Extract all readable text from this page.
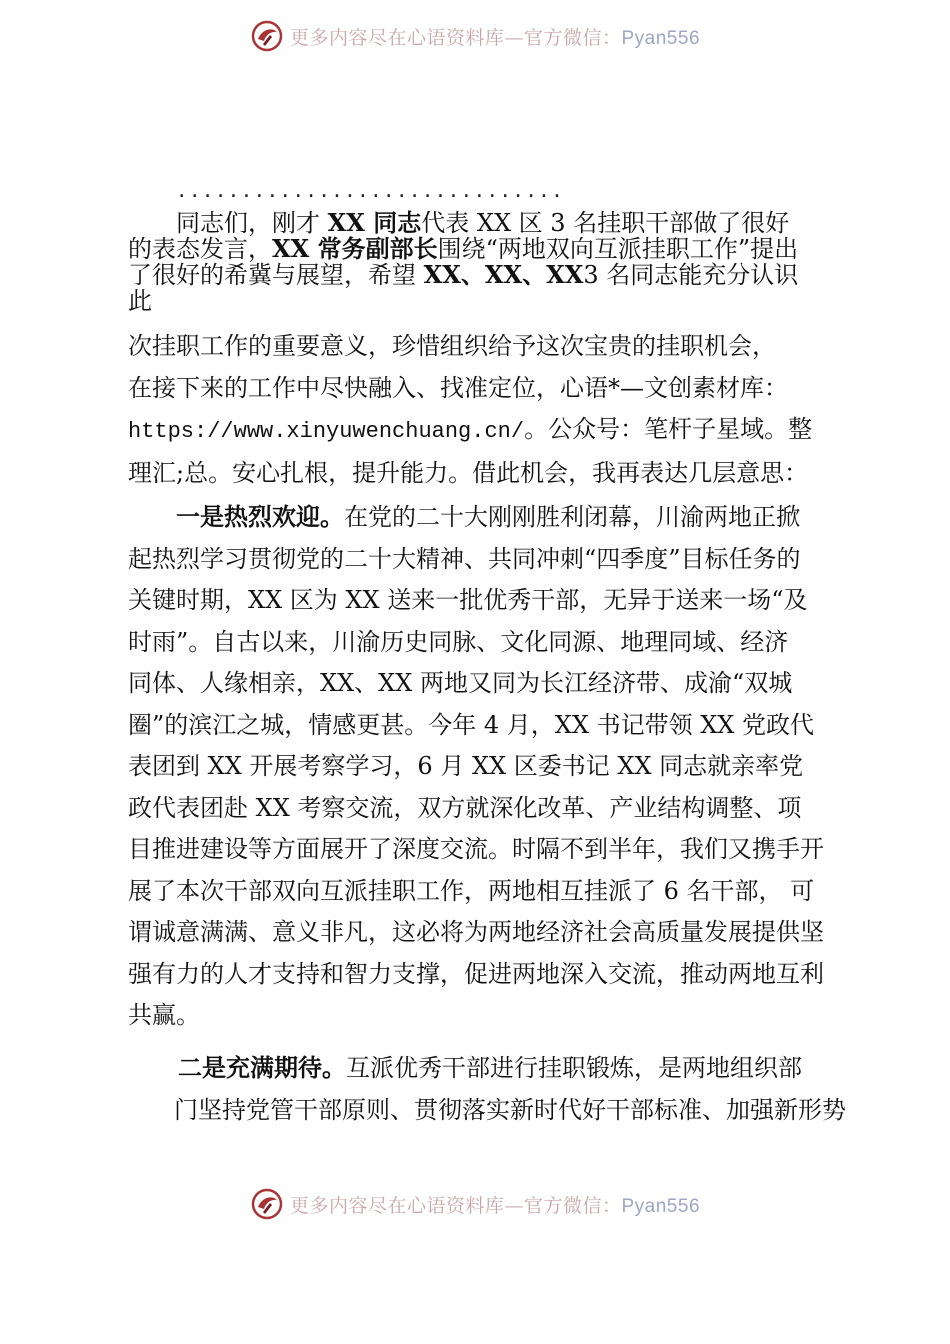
更多内容尽在心语资料库—官方微信：Pyan556
..............................
同志们，刚才 XX 同志代表 XX 区 3 名挂职干部做了很好
的表态发言，XX 常务副部长围绕“两地双向互派挂职工作”提出
了很好的希冀与展望，希望 XX、XX、XX3 名同志能充分认识
此
次挂职工作的重要意义，珍惜组织给予这次宝贵的挂职机会，
在接下来的工作中尽快融入、找准定位，心语*—文创素材库：
https://www.xinyuwenchuang.cn/。公众号：笔杆子星域。整
理汇;总。安心扎根，提升能力。借此机会，我再表达几层意思：
一是热烈欢迎。在党的二十大刚刚胜利闭幕，川渝两地正掀
起热烈学习贯彻党的二十大精神、共同冲刺“四季度”目标任务的
关键时期，XX 区为 XX 送来一批优秀干部，无异于送来一场“及
时雨”。自古以来，川渝历史同脉、文化同源、地理同域、经济
同体、人缘相亲，XX、XX 两地又同为长江经济带、成渝“双城
圈”的滨江之城，情感更甚。今年 4 月，XX 书记带领 XX 党政代
表团到 XX 开展考察学习，6 月 XX 区委书记 XX 同志就亲率党
政代表团赴 XX 考察交流，双方就深化改革、产业结构调整、项
目推进建设等方面展开了深度交流。时隔不到半年，我们又携手开
展了本次干部双向互派挂职工作，两地相互挂派了 6 名干部， 可
谓诚意满满、意义非凡，这必将为两地经济社会高质量发展提供坚
强有力的人才支持和智力支撑，促进两地深入交流，推动两地互利
共赢。
二是充满期待。互派优秀干部进行挂职锻炼，是两地组织部
门坚持党管干部原则、贯彻落实新时代好干部标准、加强新形势
更多内容尽在心语资料库—官方微信：Pyan556
